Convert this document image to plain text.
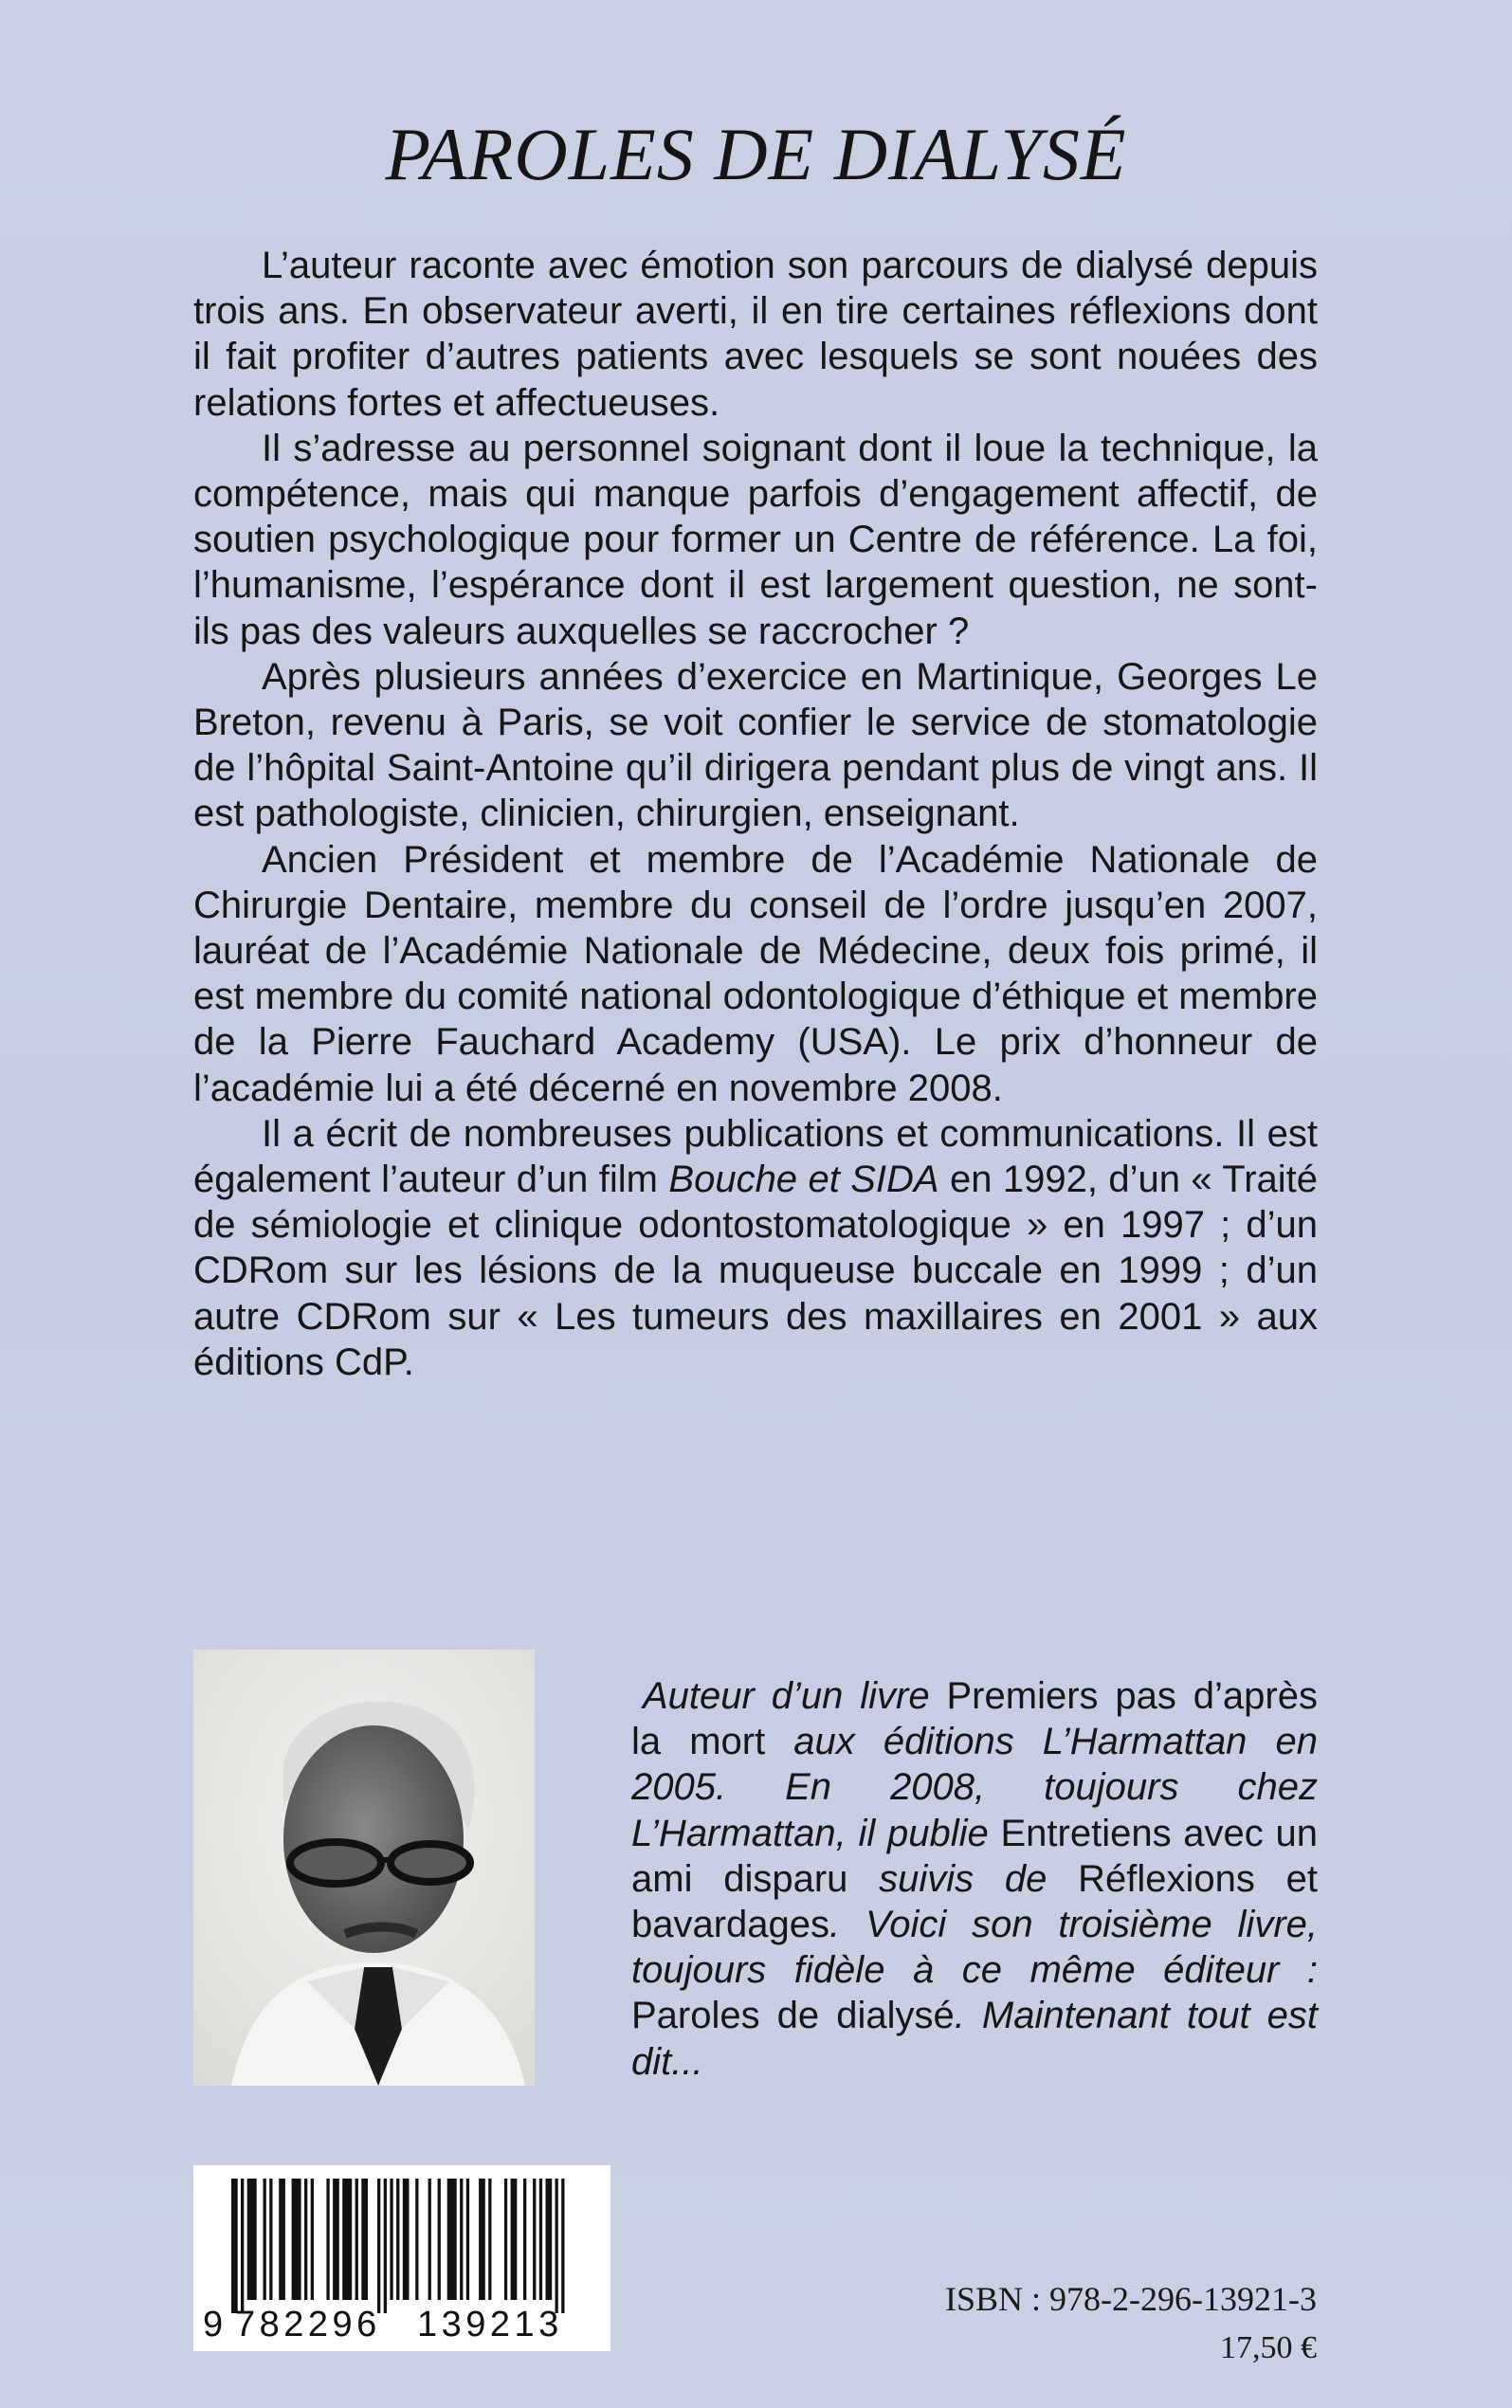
PAROLES DE DIALYSÉ

L’auteur raconte avec émotion son parcours de dialysé depuis trois ans. En observateur averti, il en tire certaines réflexions dont il fait profiter d’autres patients avec lesquels se sont nouées des relations fortes et affectueuses.

Il s’adresse au personnel soignant dont il loue la technique, la compétence, mais qui manque parfois d’engagement affectif, de soutien psychologique pour former un Centre de référence. La foi, l’humanisme, l’espérance dont il est largement question, ne sont-ils pas des valeurs auxquelles se raccrocher ?

Après plusieurs années d’exercice en Martinique, Georges Le Breton, revenu à Paris, se voit confier le service de stomatologie de l’hôpital Saint-Antoine qu’il dirigera pendant plus de vingt ans. Il est pathologiste, clinicien, chirurgien, enseignant.

Ancien Président et membre de l’Académie Nationale de Chirurgie Dentaire, membre du conseil de l’ordre jusqu’en 2007, lauréat de l’Académie Nationale de Médecine, deux fois primé, il est membre du comité national odontologique d’éthique et membre de la Pierre Fauchard Academy (USA). Le prix d’honneur de l’académie lui a été décerné en novembre 2008.

Il a écrit de nombreuses publications et communications. Il est également l’auteur d’un film Bouche et SIDA en 1992, d’un « Traité de sémiologie et clinique odontostomatologique » en 1997 ; d’un CDRom sur les lésions de la muqueuse buccale en 1999 ; d’un autre CDRom sur « Les tumeurs des maxillaires en 2001 » aux éditions CdP.

Auteur d’un livre Premiers pas d’après la mort aux éditions L’Harmattan en 2005. En 2008, toujours chez L’Harmattan, il publie Entretiens avec un ami disparu suivis de Réflexions et bavardages. Voici son troisième livre, toujours fidèle à ce même éditeur : Paroles de dialysé. Maintenant tout est dit...

9 782296 139213
ISBN : 978-2-296-13921-3
17,50 €
